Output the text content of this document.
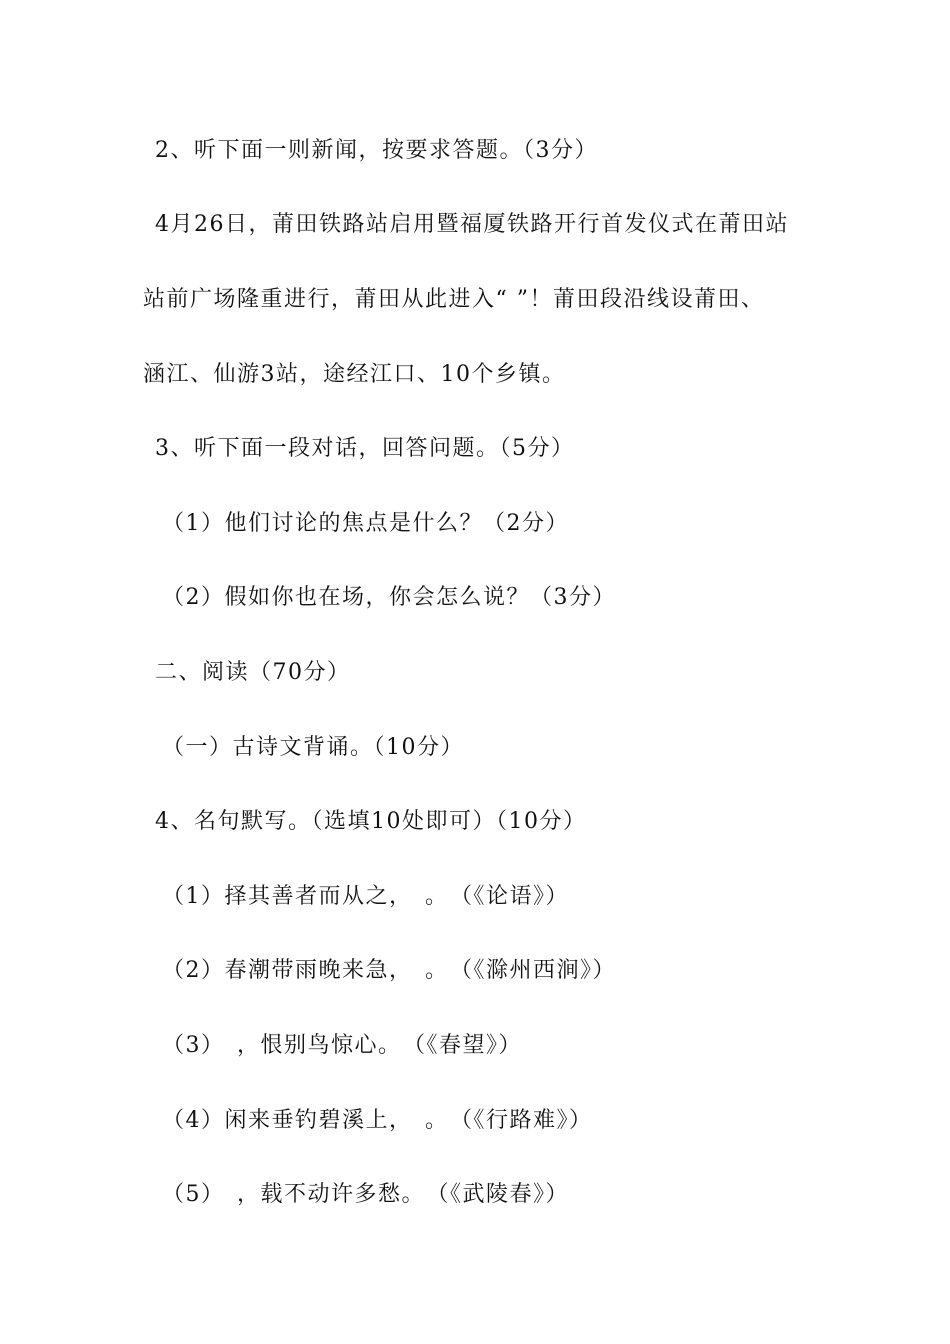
2、听下面一则新闻，按要求答题。（3分）
4月26日，莆田铁路站启用暨福厦铁路开行首发仪式在莆田站
站前广场隆重进行，莆田从此进入“ ”！莆田段沿线设莆田、
涵江、仙游3站，途经江口、10个乡镇。
3、听下面一段对话，回答问题。（5分）
（1）他们讨论的焦点是什么？（2分）
（2）假如你也在场，你会怎么说？（3分）
二、阅读（70分）
（一）古诗文背诵。（10分）
4、名句默写。（选填10处即可）（10分）
（1）择其善者而从之，　。　（《论语》）
（2）春潮带雨晚来急，　。　（《滁州西涧》）
（3）　，恨别鸟惊心。　（《春望》）
（4）闲来垂钓碧溪上，　。　（《行路难》）
（5）　，载不动许多愁。　（《武陵春》）
